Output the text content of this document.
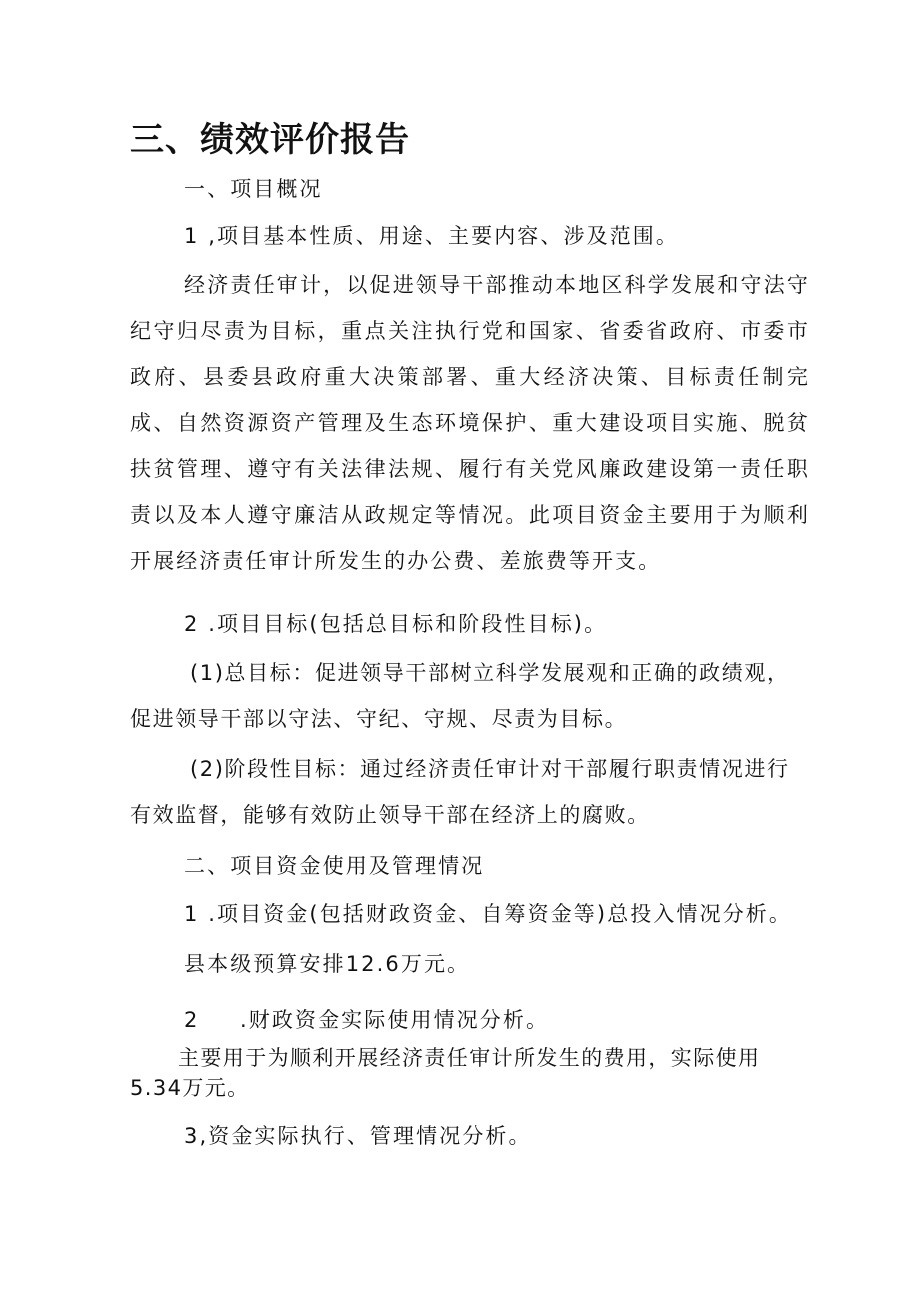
三、绩效评价报告
一、项目概况
1 ,项目基本性质、用途、主要内容、涉及范围。

经济责任审计，以促进领导干部推动本地区科学发展和守法守纪守归尽责为目标，重点关注执行党和国家、省委省政府、市委市政府、县委县政府重大决策部署、重大经济决策、目标责任制完成、自然资源资产管理及生态环境保护、重大建设项目实施、脱贫扶贫管理、遵守有关法律法规、履行有关党风廉政建设第一责任职责以及本人遵守廉洁从政规定等情况。此项目资金主要用于为顺利开展经济责任审计所发生的办公费、差旅费等开支。

2 .项目目标(包括总目标和阶段性目标)。

(1)总目标：促进领导干部树立科学发展观和正确的政绩观，促进领导干部以守法、守纪、守规、尽责为目标。

(2)阶段性目标：通过经济责任审计对干部履行职责情况进行有效监督，能够有效防止领导干部在经济上的腐败。

二、项目资金使用及管理情况
1 .项目资金(包括财政资金、自筹资金等)总投入情况分析。
县本级预算安排12.6万元。
2 .财政资金实际使用情况分析。

主要用于为顺利开展经济责任审计所发生的费用，实际使用5.34万元。

3,资金实际执行、管理情况分析。
